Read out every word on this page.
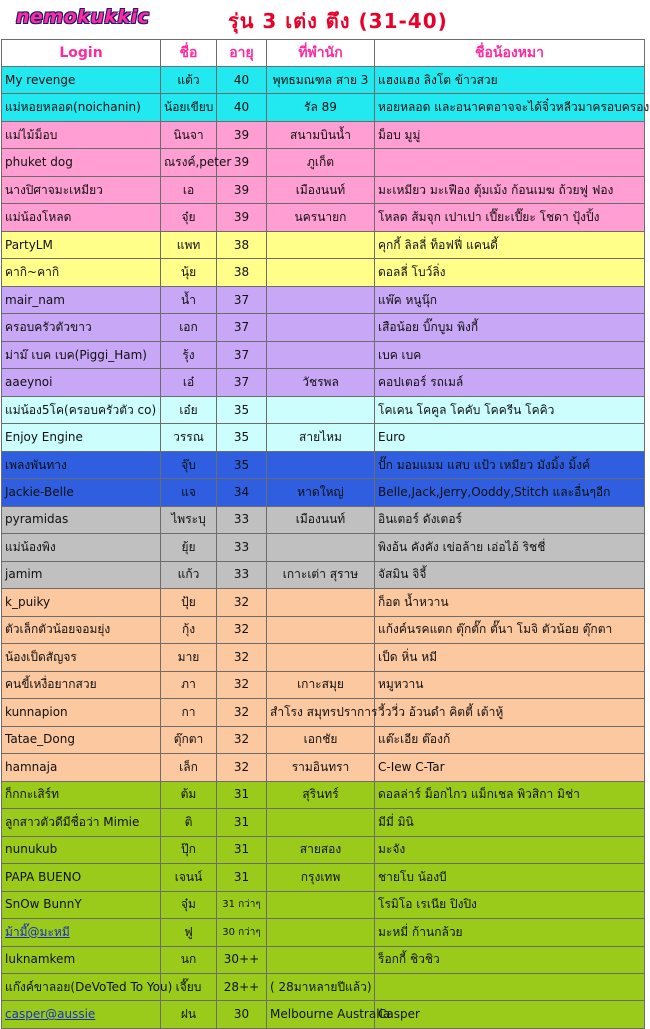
nemokukkic	รุ่น 3 เต่ง ตึง (31-40)
Login	ชื่อ	อายุ	ที่พำนัก	ชื่อน้องหมา
My revenge	แต้ว	40	พุทธมณฑล สาย 3	แฮงแฮง ลิงโต ข้าวสวย
แม่หอยหลอด(noichanin)	น้อยเขียบ	40	รัล 89	หอยหลอด และอนาคตอาจจะได้จิ๋วหลีวมาครอบครอง
แม่ไม้ม็อบ	นินจา	39	สนามบินน้ำ	ม็อบ มูมู่
phuket dog	ณรงค์,peter	39	ภูเก็ต	
นางปิศาจมะเหมียว	เอ	39	เมืองนนท์	มะเหมียว มะเฟือง ตุ้มเม้ง ก้อนเมฆ ถ้วยฟู ฟอง
แม่น้องโหลด	จุ๋ย	39	นครนายก	โหลด ส้มจุก เปาเปา เปี๊ยะเปี๊ยะ โชดา ปุ้งปิ้ง
PartyLM	แพท	38		คุกกี้ ลิลลี่ ท็อฟฟี่ แคนดี้
คากิ~คากิ	นุ้ย	38		ดอลลี่ โบว์ลิ่ง
mair_nam	น้ำ	37		แพ๊ค หนูนุ๊ก
ครอบครัวตัวขาว	เอก	37		เสือน้อย บิ๊กบูม พิงกี้
ม่าม๊ เบค เบค(Piggi_Ham)	รุ้ง	37		เบค เบค
aaeynoi	เอ๋	37	วัชรพล	คอปเตอร์ รถเมล์
แม่น้อง5โค(ครอบครัวตัว co)	เอ๋ย	35		โคเคน โคคูล โคคับ โคครีน โคคิว
Enjoy Engine	วรรณ	35	สายไหม	Euro
เพลงพันทาง	จุ๊บ	35		ปั๊ก มอมแมม แสบ แป้ว เหมียว มังมิ้ง มิ้งค์
Jackie-Belle	แจ	34	หาดใหญ่	Belle,Jack,Jerry,Ooddy,Stitch และอื่นๆอีก
pyramidas	ไพระบุ	33	เมืองนนท์	อินเตอร์ ดังเตอร์
แม่น้องพิง	ยุ้ย	33		พิงอ้น คังคัง เข่อล้าย เอ่อไอ้ ริชชี่
jamim	แก้ว	33	เกาะเต่า สุราษ	จัสมิน จิจี้
k_puiky	ปุ้ย	32		ก็อต น้ำหวาน
ตัวเล็กตัวน้อยจอมยุ่ง	กุ้ง	32		แก้งค์นรคแตก ตุ๊กตั๊ก ตั๊นา โมจิ ตัวน้อย ตุ๊กตา
น้องเป็ดสัญจร	มาย	32		เป็ด หิ่น หมี
คนขี้เหงื่อยากสวย	ภา	32	เกาะสมุย	หมูหวาน
kunnapion	กา	32	สำโรง สมุทรปราการ	วี้ววี่ว อ้วนดำ คิตตี้ เต้าหู้
Tatae_Dong	ตุ๊กตา	32	เอกชัย	แต๊ะเอีย ต๊องก้
hamnaja	เล็ก	32	รามอินทรา	C-Iew C-Tar
ก็กกะเสิร์ท	ต้ม	31	สุรินทร์	ดอลล่าร์ ม็อกไกว แม็กเชล พิวสิกา มิช่า
ลูกสาวตัวดีมีชื่อว่า Mimie	ติ	31		มีมี่ มินิ
nunukub	ปุ๊ก	31	สายสอง	มะจัง
PAPA BUENO	เจนน์	31	กรุงเทพ	ชายโบ น้องบี
SnOw BunnY	จุ๋ม	31 กว่าๆ		โรมิโอ เรเนีย ปิงปิง
ม้ามี๊@มะหมี	ฟู	30 กว่าๆ		มะหมี่ ก้านกล้วย
luknamkem	นก	30++		ร็อกกี้ ชิวชิว
แก๊งค์ขาลอย(DeVoTed To You)	เจี๊ยบ	28++	( 28มาหลายปีแล้ว)	
casper@aussie	ฝน	30	Melbourne Australia	Casper
